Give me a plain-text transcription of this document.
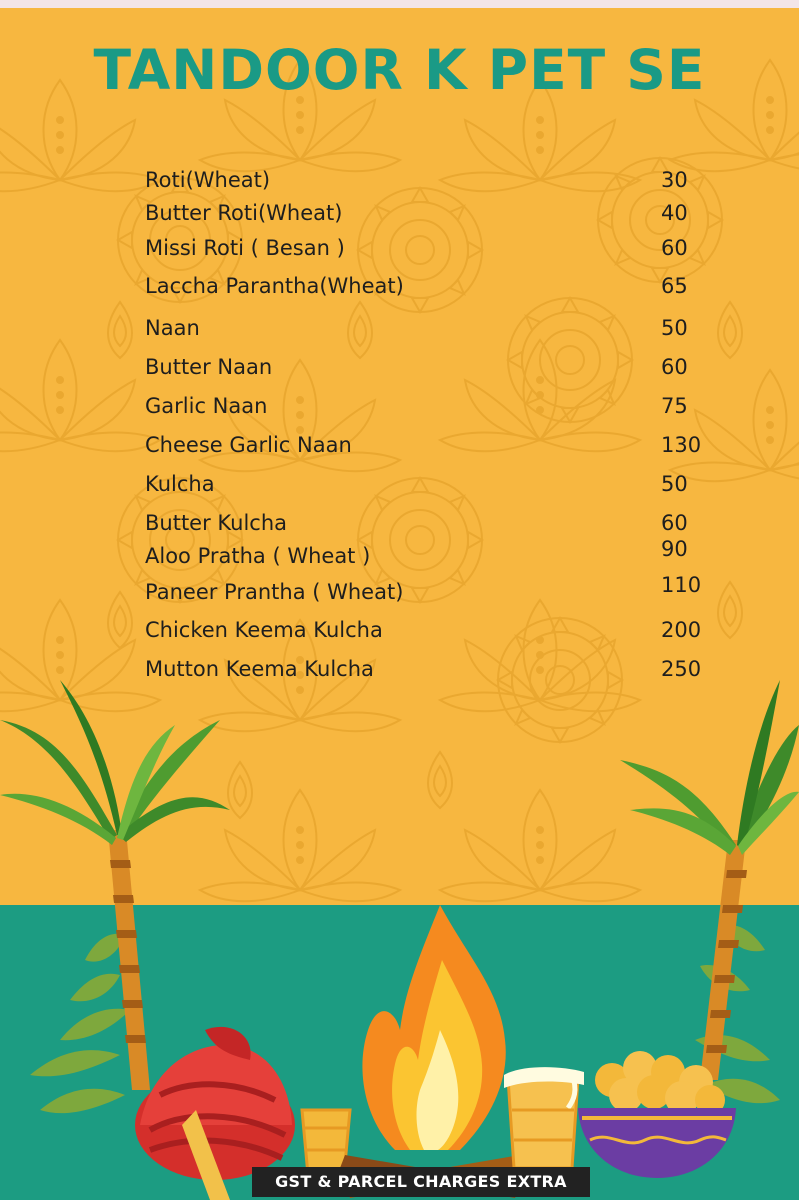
TANDOOR K PET SE
Roti(Wheat)	30
Butter Roti(Wheat)	40
Missi Roti ( Besan )	60
Laccha Parantha(Wheat)	65
Naan	50
Butter Naan	60
Garlic Naan	75
Cheese Garlic Naan	130
Kulcha	50
Butter Kulcha	60
Aloo Pratha ( Wheat )	90
Paneer Prantha ( Wheat)	110
Chicken Keema Kulcha	200
Mutton Keema Kulcha	250
GST & PARCEL CHARGES EXTRA
